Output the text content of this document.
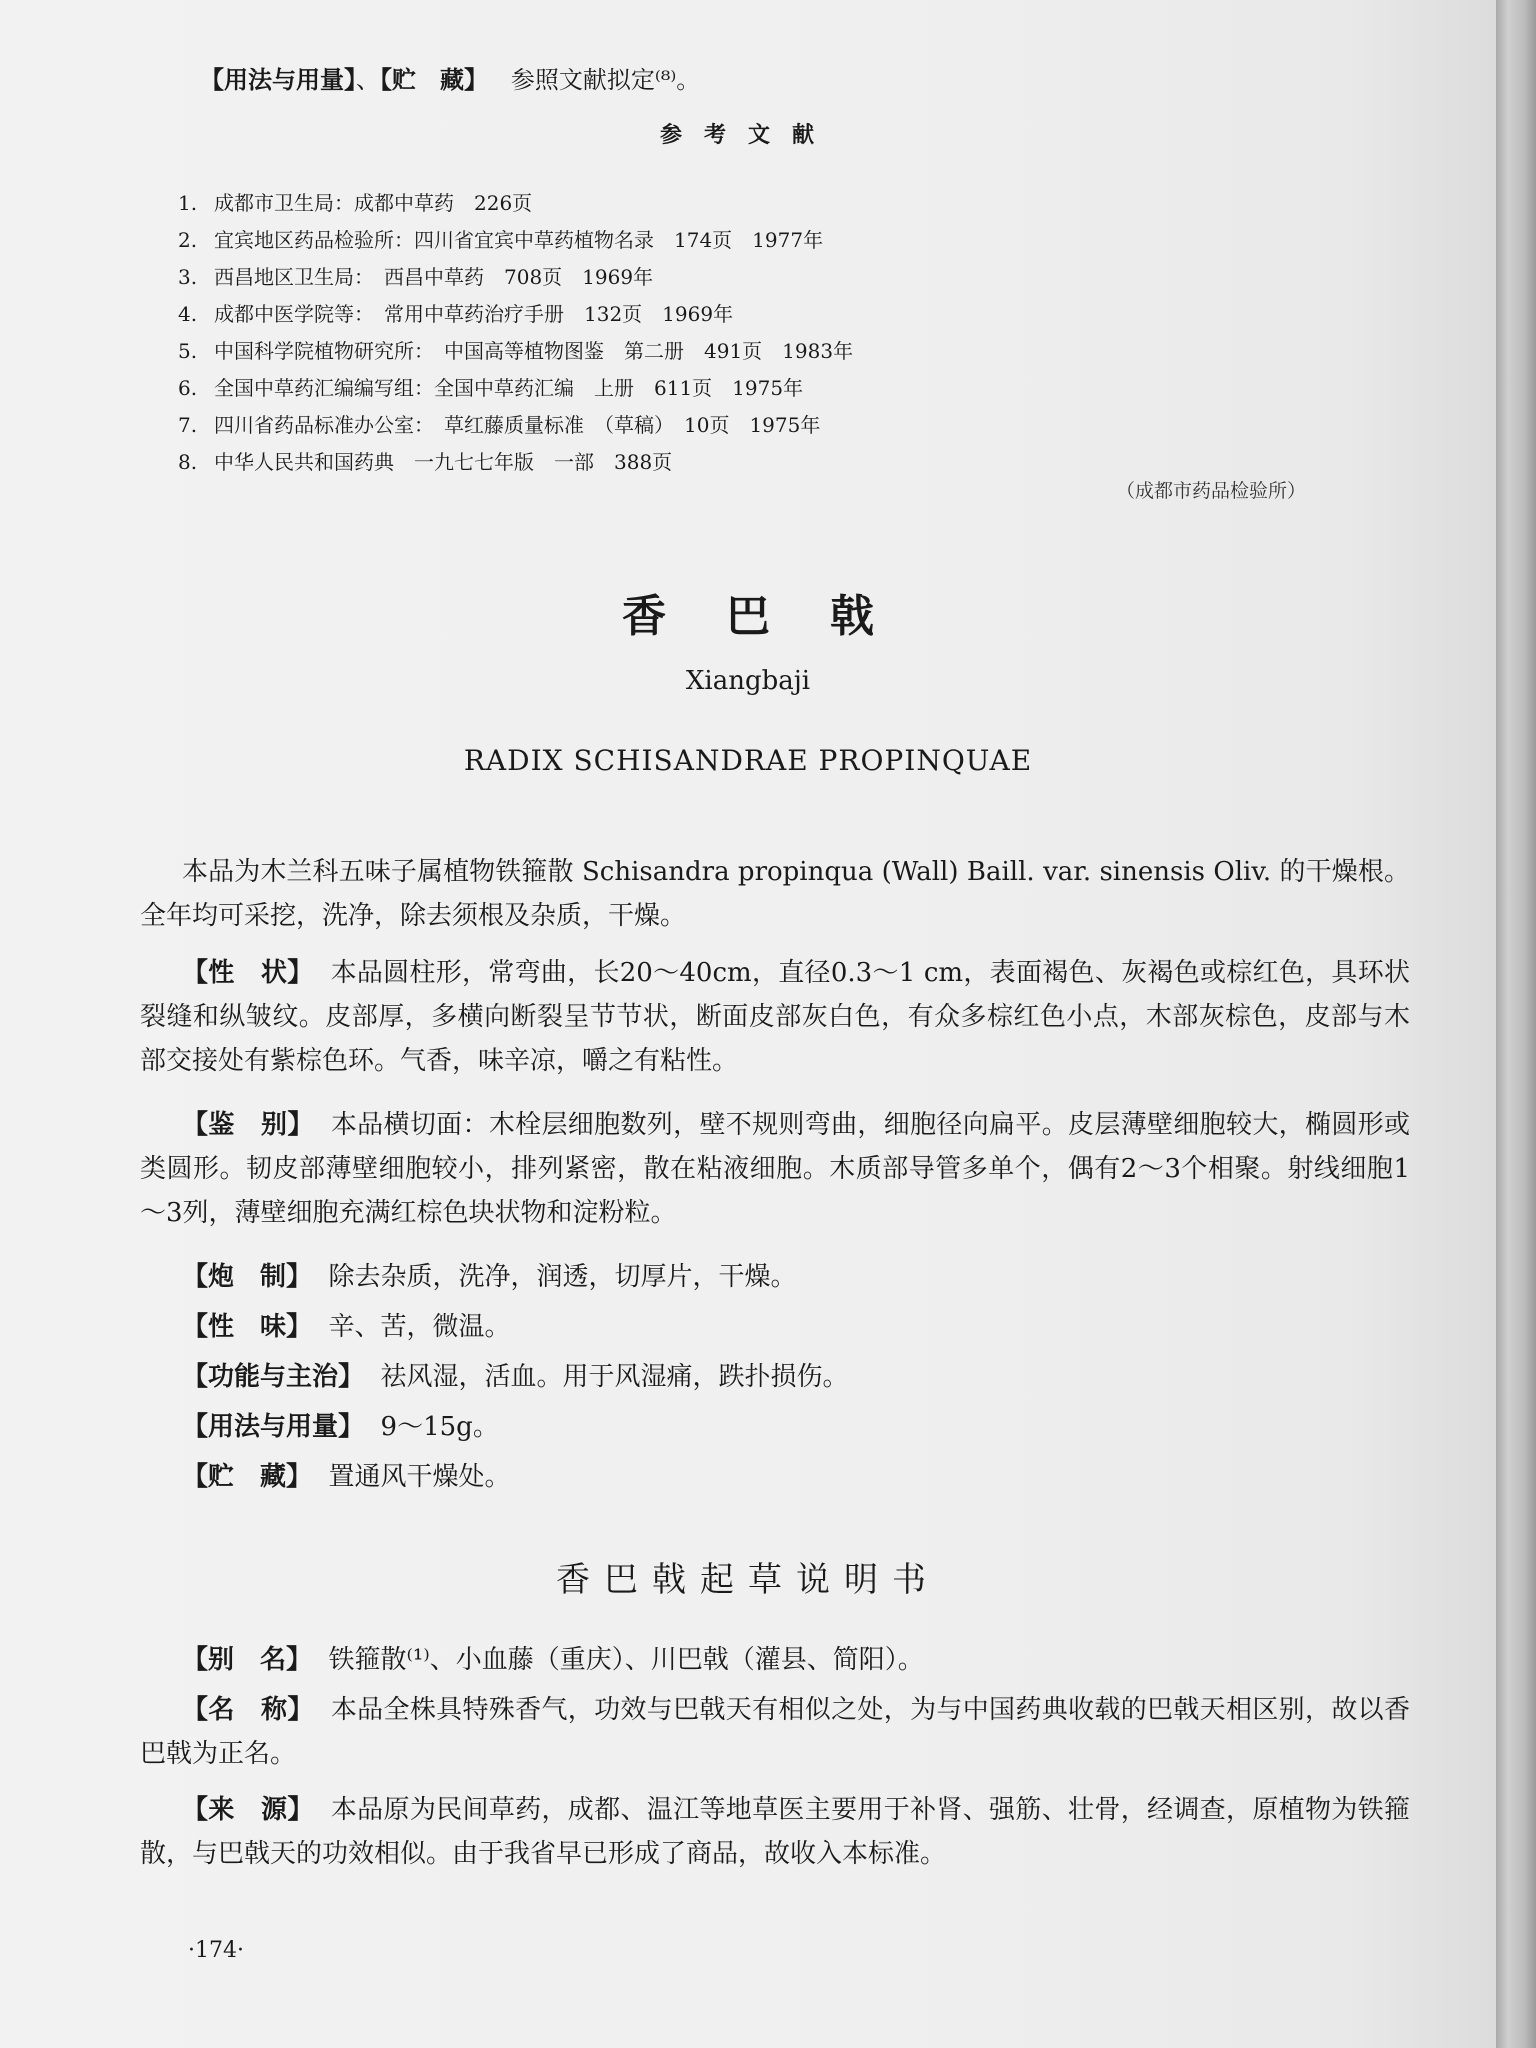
【用法与用量】、【贮　藏】 参照文献拟定⁽⁸⁾。
参考文献
1. 成都市卫生局：成都中草药　226页
2. 宜宾地区药品检验所：四川省宜宾中草药植物名录　174页　1977年
3. 西昌地区卫生局：　西昌中草药　708页　1969年
4. 成都中医学院等：　常用中草药治疗手册　132页　1969年
5. 中国科学院植物研究所：　中国高等植物图鉴　第二册　491页　1983年
6. 全国中草药汇编编写组：全国中草药汇编　上册　611页　1975年
7. 四川省药品标准办公室：　草红藤质量标准　（草稿）　10页　1975年
8. 中华人民共和国药典　一九七七年版　一部　388页
（成都市药品检验所）
香巴戟
Xiangbaji
RADIX SCHISANDRAE PROPINQUAE
本品为木兰科五味子属植物铁箍散 Schisandra propinqua (Wall) Baill. var. sinensis Oliv. 的干燥根。全年均可采挖，洗净，除去须根及杂质，干燥。
【性　状】 本品圆柱形，常弯曲，长20～40cm，直径0.3～1 cm，表面褐色、灰褐色或棕红色，具环状裂缝和纵皱纹。皮部厚，多横向断裂呈节节状，断面皮部灰白色，有众多棕红色小点，木部灰棕色，皮部与木部交接处有紫棕色环。气香，味辛凉，嚼之有粘性。
【鉴　别】 本品横切面：木栓层细胞数列，壁不规则弯曲，细胞径向扁平。皮层薄壁细胞较大，椭圆形或类圆形。韧皮部薄壁细胞较小，排列紧密，散在粘液细胞。木质部导管多单个，偶有2～3个相聚。射线细胞1～3列，薄壁细胞充满红棕色块状物和淀粉粒。
【炮　制】 除去杂质，洗净，润透，切厚片，干燥。
【性　味】 辛、苦，微温。
【功能与主治】 祛风湿，活血。用于风湿痛，跌扑损伤。
【用法与用量】 9～15g。
【贮　藏】 置通风干燥处。
香巴戟起草说明书
【别　名】 铁箍散⁽¹⁾、小血藤（重庆）、川巴戟（灌县、简阳）。
【名　称】 本品全株具特殊香气，功效与巴戟天有相似之处，为与中国药典收载的巴戟天相区别，故以香巴戟为正名。
【来　源】 本品原为民间草药，成都、温江等地草医主要用于补肾、强筋、壮骨，经调查，原植物为铁箍散，与巴戟天的功效相似。由于我省早已形成了商品，故收入本标准。
·174·
